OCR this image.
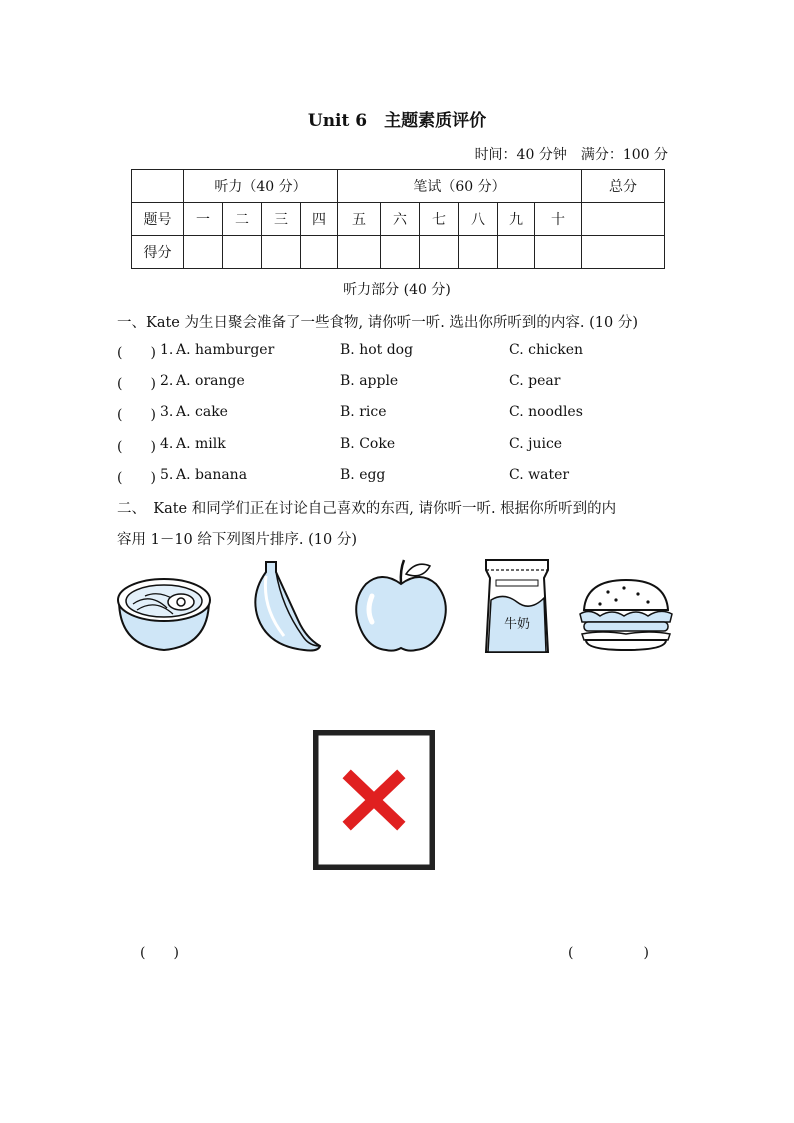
Unit 6　主题素质评价
时间：40 分钟　满分：100 分
	听力（40 分）				笔试（60 分）						总分
题号	一	二	三	四	五	六	七	八	九	十	
得分											
听力部分 (40 分)
一、Kate 为生日聚会准备了一些食物, 请你听一听. 选出你所听到的内容. (10 分)
(　　) 1. A. hamburger	B. hot dog	C. chicken
(　　) 2. A. orange	B. apple	C. pear
(　　) 3. A. cake	B. rice	C. noodles
(　　) 4. A. milk	B. Coke	C. juice
(　　) 5. A. banana	B. egg	C. water
二、　Kate 和同学们正在讨论自己喜欢的东西, 请你听一听. 根据你所听到的内
容用 1－10 给下列图片排序. (10 分)
牛奶
(　　)	(　　　　　)
